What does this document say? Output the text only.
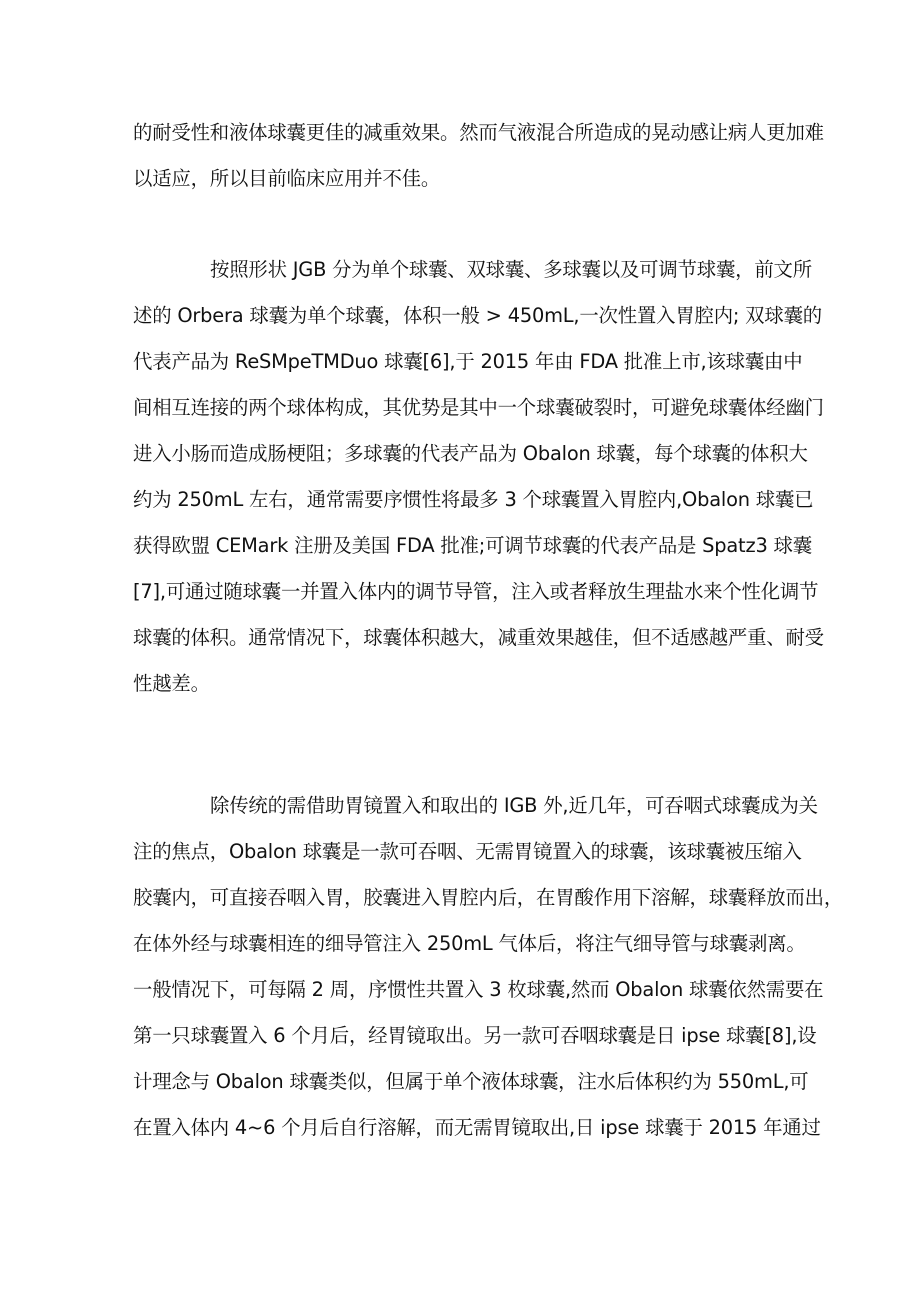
的耐受性和液体球囊更佳的减重效果。然而气液混合所造成的晃动感让病人更加难
以适应，所以目前临床应用并不佳。
按照形状 JGB 分为单个球囊、双球囊、多球囊以及可调节球囊，前文所
述的 Orbera 球囊为单个球囊，体积一般 > 450mL,一次性置入胃腔内; 双球囊的
代表产品为 ReSMpeTMDuo 球囊[6],于 2015 年由 FDA 批准上市,该球囊由中
间相互连接的两个球体构成，其优势是其中一个球囊破裂时，可避免球囊体经幽门
进入小肠而造成肠梗阻；多球囊的代表产品为 Obalon 球囊，每个球囊的体积大
约为 250mL 左右，通常需要序惯性将最多 3 个球囊置入胃腔内,Obalon 球囊已
获得欧盟 CEMark 注册及美国 FDA 批准;可调节球囊的代表产品是 Spatz3 球囊
[7],可通过随球囊一并置入体内的调节导管，注入或者释放生理盐水来个性化调节
球囊的体积。通常情况下，球囊体积越大，减重效果越佳，但不适感越严重、耐受
性越差。
除传统的需借助胃镜置入和取出的 IGB 外,近几年，可吞咽式球囊成为关
注的焦点，Obalon 球囊是一款可吞咽、无需胃镜置入的球囊，该球囊被压缩入
胶囊内，可直接吞咽入胃，胶囊进入胃腔内后，在胃酸作用下溶解，球囊释放而出，
在体外经与球囊相连的细导管注入 250mL 气体后，将注气细导管与球囊剥离。
一般情况下，可每隔 2 周，序惯性共置入 3 枚球囊,然而 Obalon 球囊依然需要在
第一只球囊置入 6 个月后，经胃镜取出。另一款可吞咽球囊是日 ipse 球囊[8],设
计理念与 Obalon 球囊类似，但属于单个液体球囊，注水后体积约为 550mL,可
在置入体内 4~6 个月后自行溶解，而无需胃镜取出,日 ipse 球囊于 2015 年通过
